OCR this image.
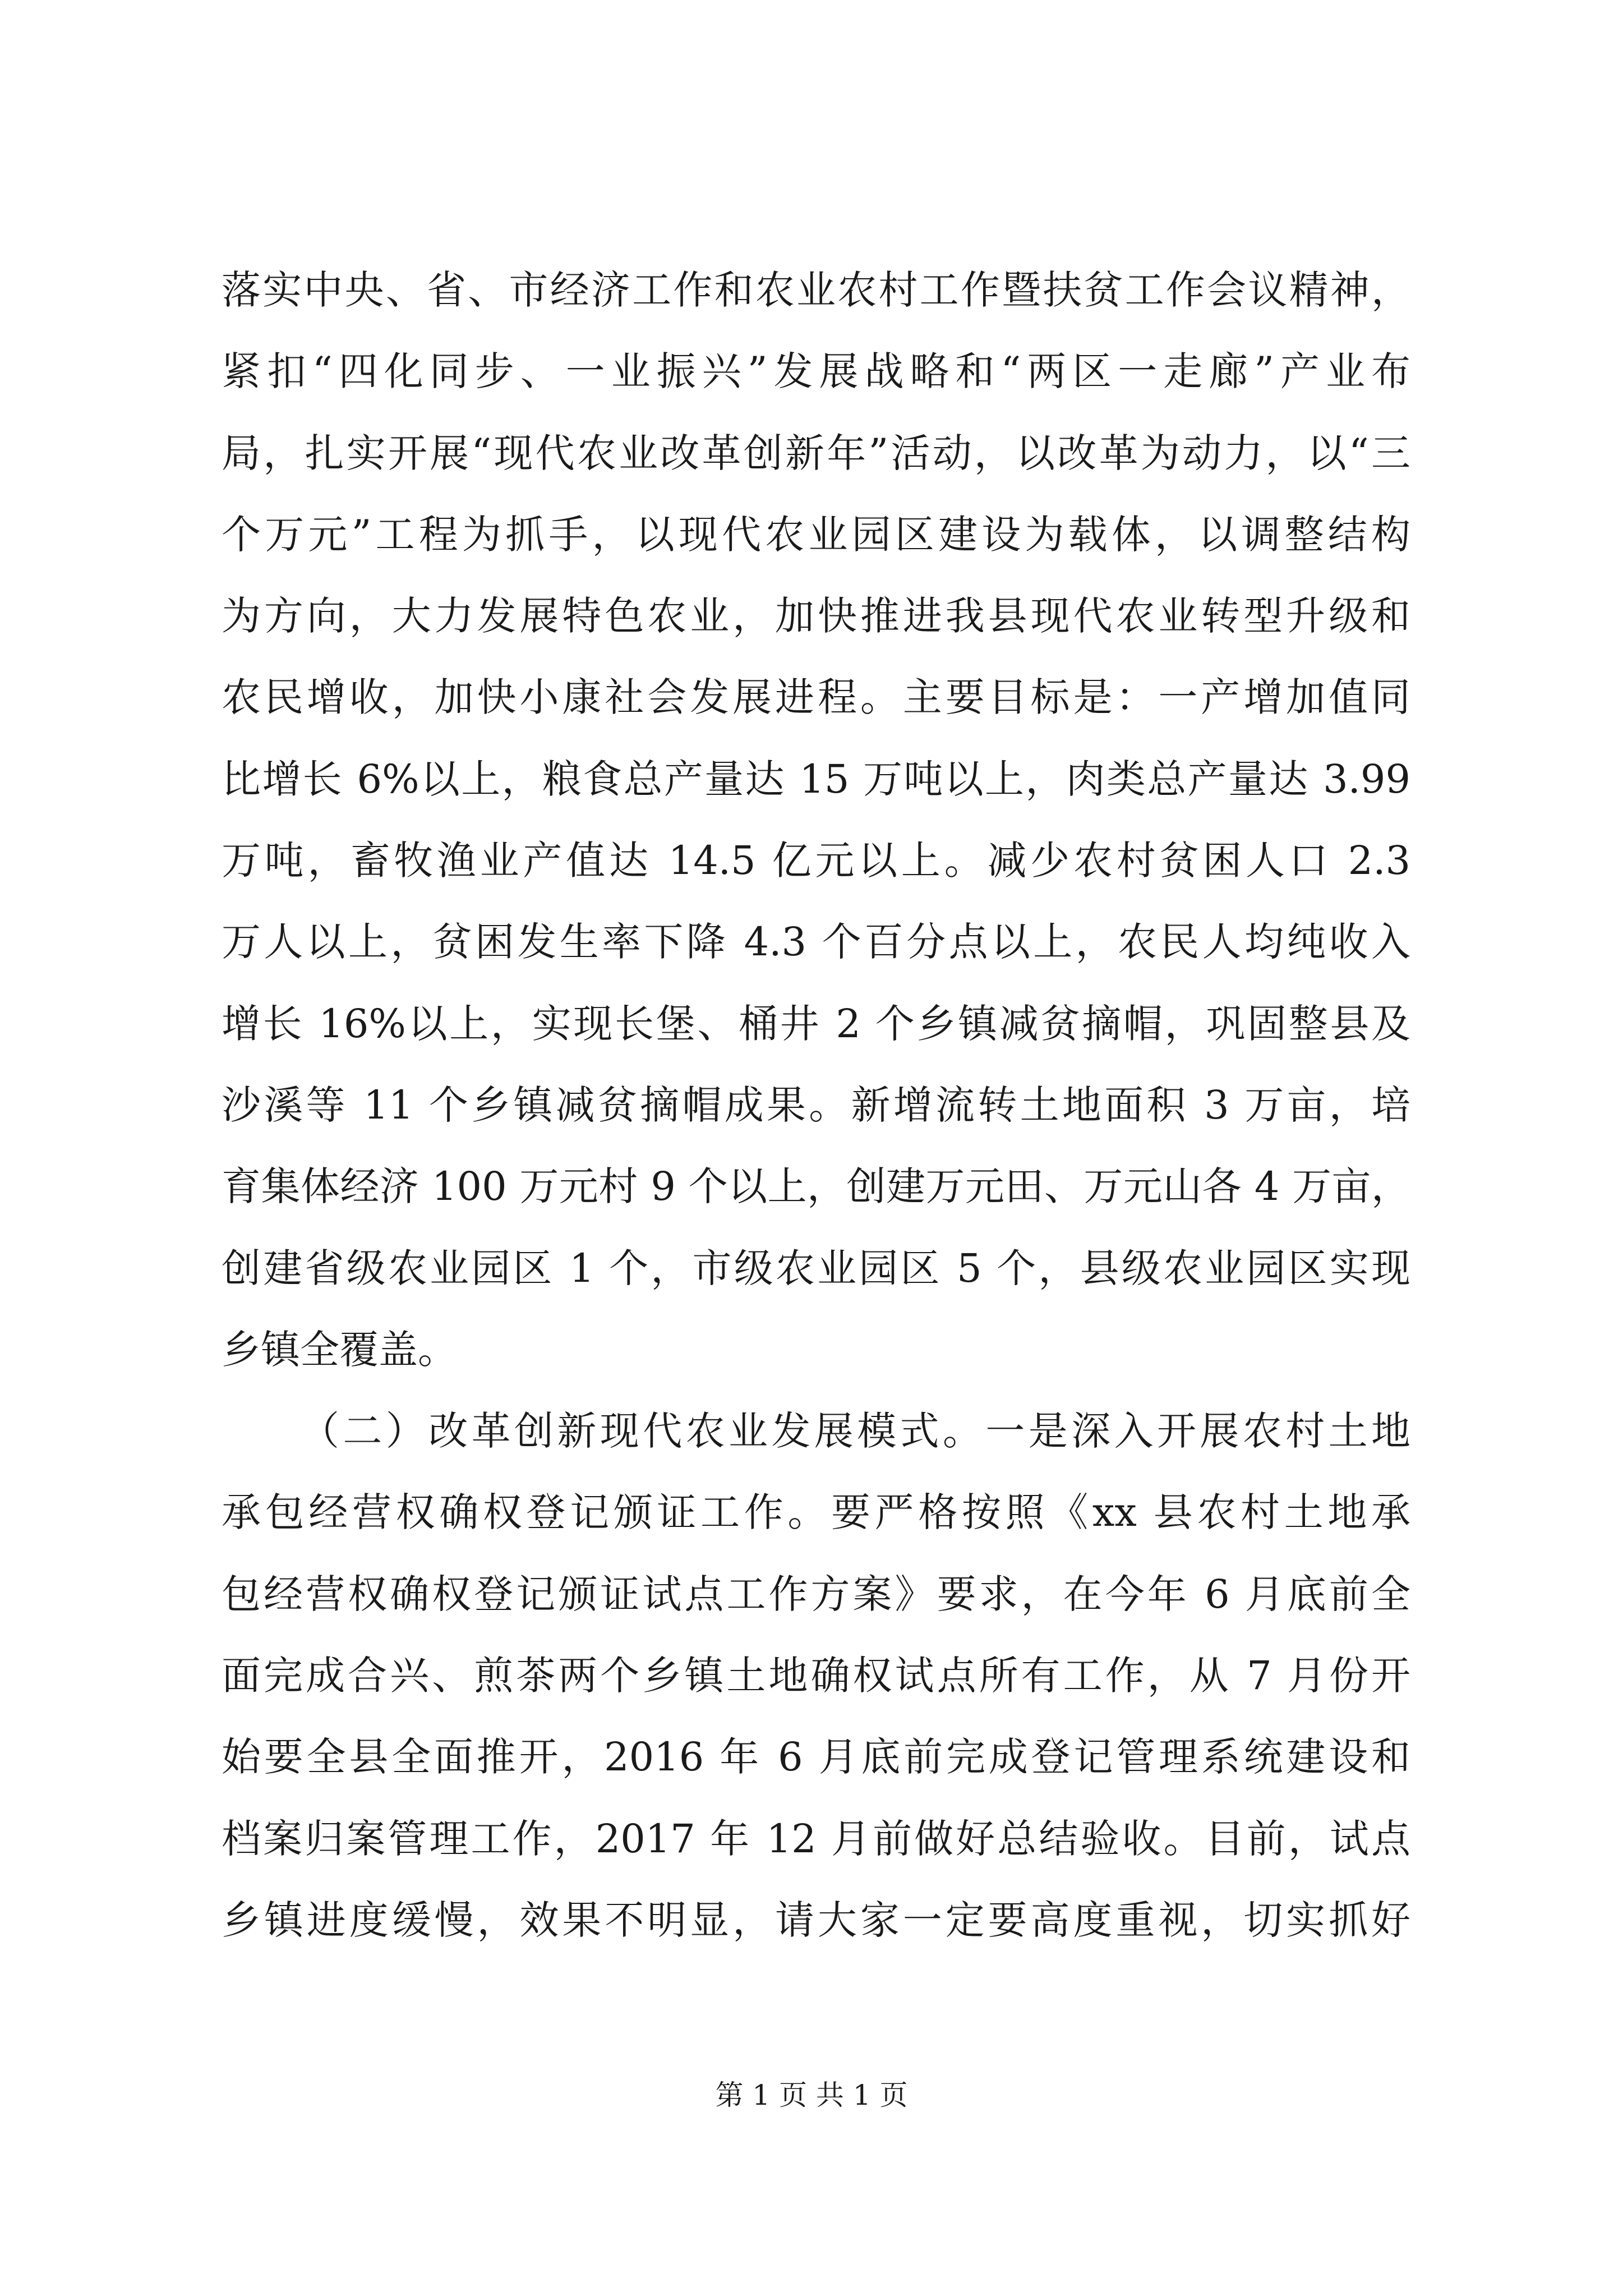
落实中央、省、市经济工作和农业农村工作暨扶贫工作会议精神，
紧扣“四化同步、一业振兴”发展战略和“两区一走廊”产业布
局，扎实开展“现代农业改革创新年”活动，以改革为动力，以“三
个万元”工程为抓手，以现代农业园区建设为载体，以调整结构
为方向，大力发展特色农业，加快推进我县现代农业转型升级和
农民增收，加快小康社会发展进程。主要目标是：一产增加值同
比增长 6%以上，粮食总产量达 15 万吨以上，肉类总产量达 3.99
万吨，畜牧渔业产值达 14.5 亿元以上。减少农村贫困人口 2.3
万人以上，贫困发生率下降 4.3 个百分点以上，农民人均纯收入
增长 16%以上，实现长堡、桶井 2 个乡镇减贫摘帽，巩固整县及
沙溪等 11 个乡镇减贫摘帽成果。新增流转土地面积 3 万亩，培
育集体经济 100 万元村 9 个以上，创建万元田、万元山各 4 万亩，
创建省级农业园区 1 个，市级农业园区 5 个，县级农业园区实现
乡镇全覆盖。
（二）改革创新现代农业发展模式。一是深入开展农村土地
承包经营权确权登记颁证工作。要严格按照《xx 县农村土地承
包经营权确权登记颁证试点工作方案》要求，在今年 6 月底前全
面完成合兴、煎茶两个乡镇土地确权试点所有工作，从 7 月份开
始要全县全面推开，2016 年 6 月底前完成登记管理系统建设和
档案归案管理工作，2017 年 12 月前做好总结验收。目前，试点
乡镇进度缓慢，效果不明显，请大家一定要高度重视，切实抓好
第 1 页 共 1 页
